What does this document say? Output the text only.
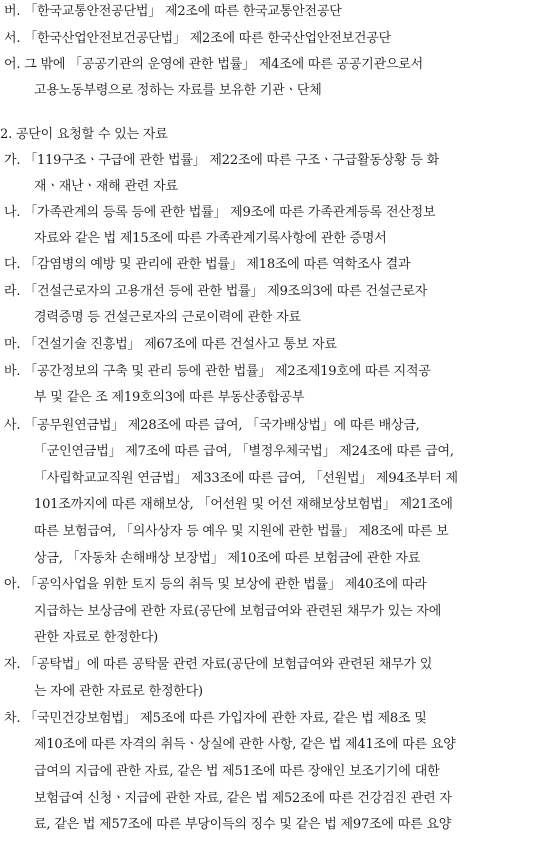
버. 「한국교통안전공단법」 제2조에 따른 한국교통안전공단
서. 「한국산업안전보건공단법」 제2조에 따른 한국산업안전보건공단
어. 그 밖에 「공공기관의 운영에 관한 법률」 제4조에 따른 공공기관으로서
고용노동부령으로 정하는 자료를 보유한 기관ㆍ단체
2. 공단이 요청할 수 있는 자료
가. 「119구조ㆍ구급에 관한 법률」 제22조에 따른 구조ㆍ구급활동상황 등 화
재ㆍ재난ㆍ재해 관련 자료
나. 「가족관계의 등록 등에 관한 법률」 제9조에 따른 가족관계등록 전산정보
자료와 같은 법 제15조에 따른 가족관계기록사항에 관한 증명서
다. 「감염병의 예방 및 관리에 관한 법률」 제18조에 따른 역학조사 결과
라. 「건설근로자의 고용개선 등에 관한 법률」 제9조의3에 따른 건설근로자
경력증명 등 건설근로자의 근로이력에 관한 자료
마. 「건설기술 진흥법」 제67조에 따른 건설사고 통보 자료
바. 「공간정보의 구축 및 관리 등에 관한 법률」 제2조제19호에 따른 지적공
부 및 같은 조 제19호의3에 따른 부동산종합공부
사. 「공무원연금법」 제28조에 따른 급여, 「국가배상법」에 따른 배상금,
「군인연금법」 제7조에 따른 급여, 「별정우체국법」 제24조에 따른 급여,
「사립학교교직원 연금법」 제33조에 따른 급여, 「선원법」 제94조부터 제
101조까지에 따른 재해보상, 「어선원 및 어선 재해보상보험법」 제21조에
따른 보험급여, 「의사상자 등 예우 및 지원에 관한 법률」 제8조에 따른 보
상금, 「자동차 손해배상 보장법」 제10조에 따른 보험금에 관한 자료
아. 「공익사업을 위한 토지 등의 취득 및 보상에 관한 법률」 제40조에 따라
지급하는 보상금에 관한 자료(공단에 보험급여와 관련된 채무가 있는 자에
관한 자료로 한정한다)
자. 「공탁법」에 따른 공탁물 관련 자료(공단에 보험급여와 관련된 채무가 있
는 자에 관한 자료로 한정한다)
차. 「국민건강보험법」 제5조에 따른 가입자에 관한 자료, 같은 법 제8조 및
제10조에 따른 자격의 취득ㆍ상실에 관한 사항, 같은 법 제41조에 따른 요양
급여의 지급에 관한 자료, 같은 법 제51조에 따른 장애인 보조기기에 대한
보험급여 신청ㆍ지급에 관한 자료, 같은 법 제52조에 따른 건강검진 관련 자
료, 같은 법 제57조에 따른 부당이득의 징수 및 같은 법 제97조에 따른 요양
